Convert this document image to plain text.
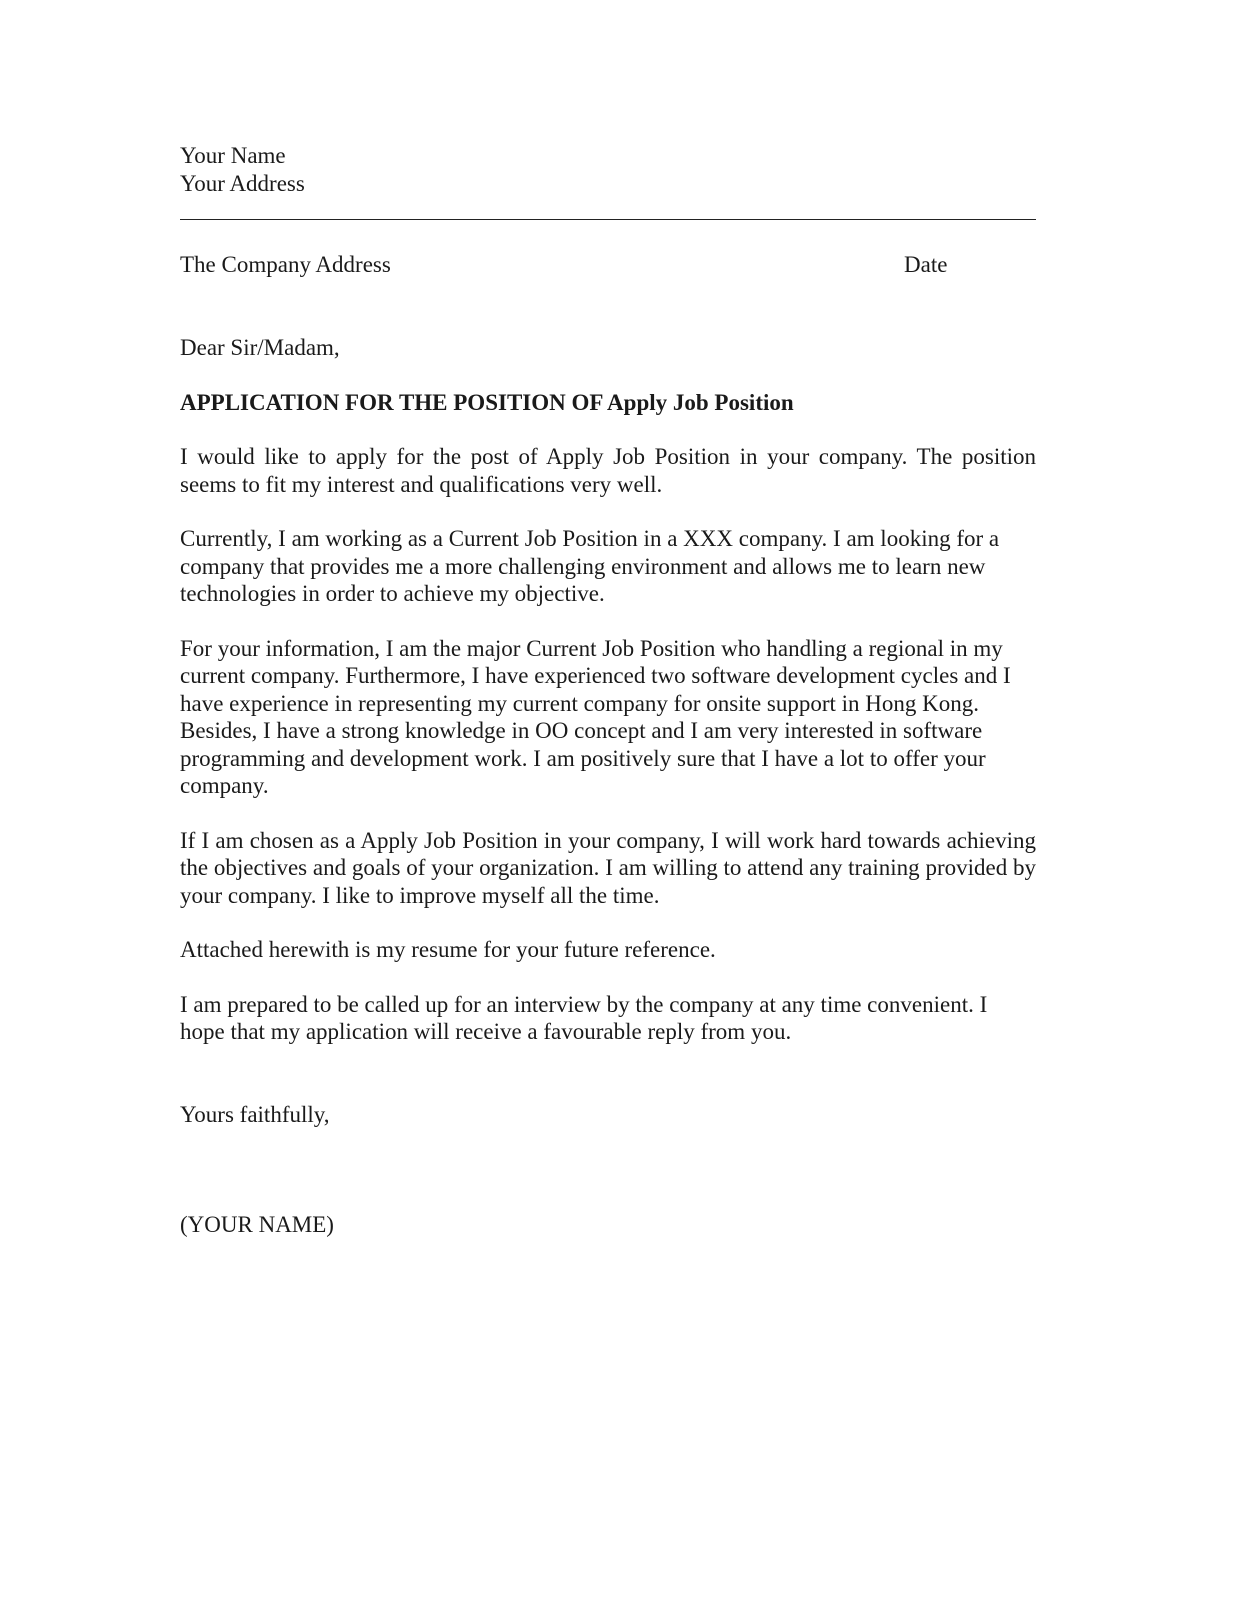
Your Name
Your Address
The Company Address	Date
Dear Sir/Madam,
APPLICATION FOR THE POSITION OF Apply Job Position

I would like to apply for the post of Apply Job Position in your company. The position seems to fit my interest and qualifications very well.

Currently, I am working as a Current Job Position in a XXX company. I am looking for a company that provides me a more challenging environment and allows me to learn new technologies in order to achieve my objective.

For your information, I am the major Current Job Position who handling a regional in my current company. Furthermore, I have experienced two software development cycles and I have experience in representing my current company for onsite support in Hong Kong. Besides, I have a strong knowledge in OO concept and I am very interested in software programming and development work. I am positively sure that I have a lot to offer your company.

If I am chosen as a Apply Job Position in your company, I will work hard towards achieving the objectives and goals of your organization. I am willing to attend any training provided by your company. I like to improve myself all the time.

Attached herewith is my resume for your future reference.

I am prepared to be called up for an interview by the company at any time convenient. I hope that my application will receive a favourable reply from you.

Yours faithfully,
(YOUR NAME)
